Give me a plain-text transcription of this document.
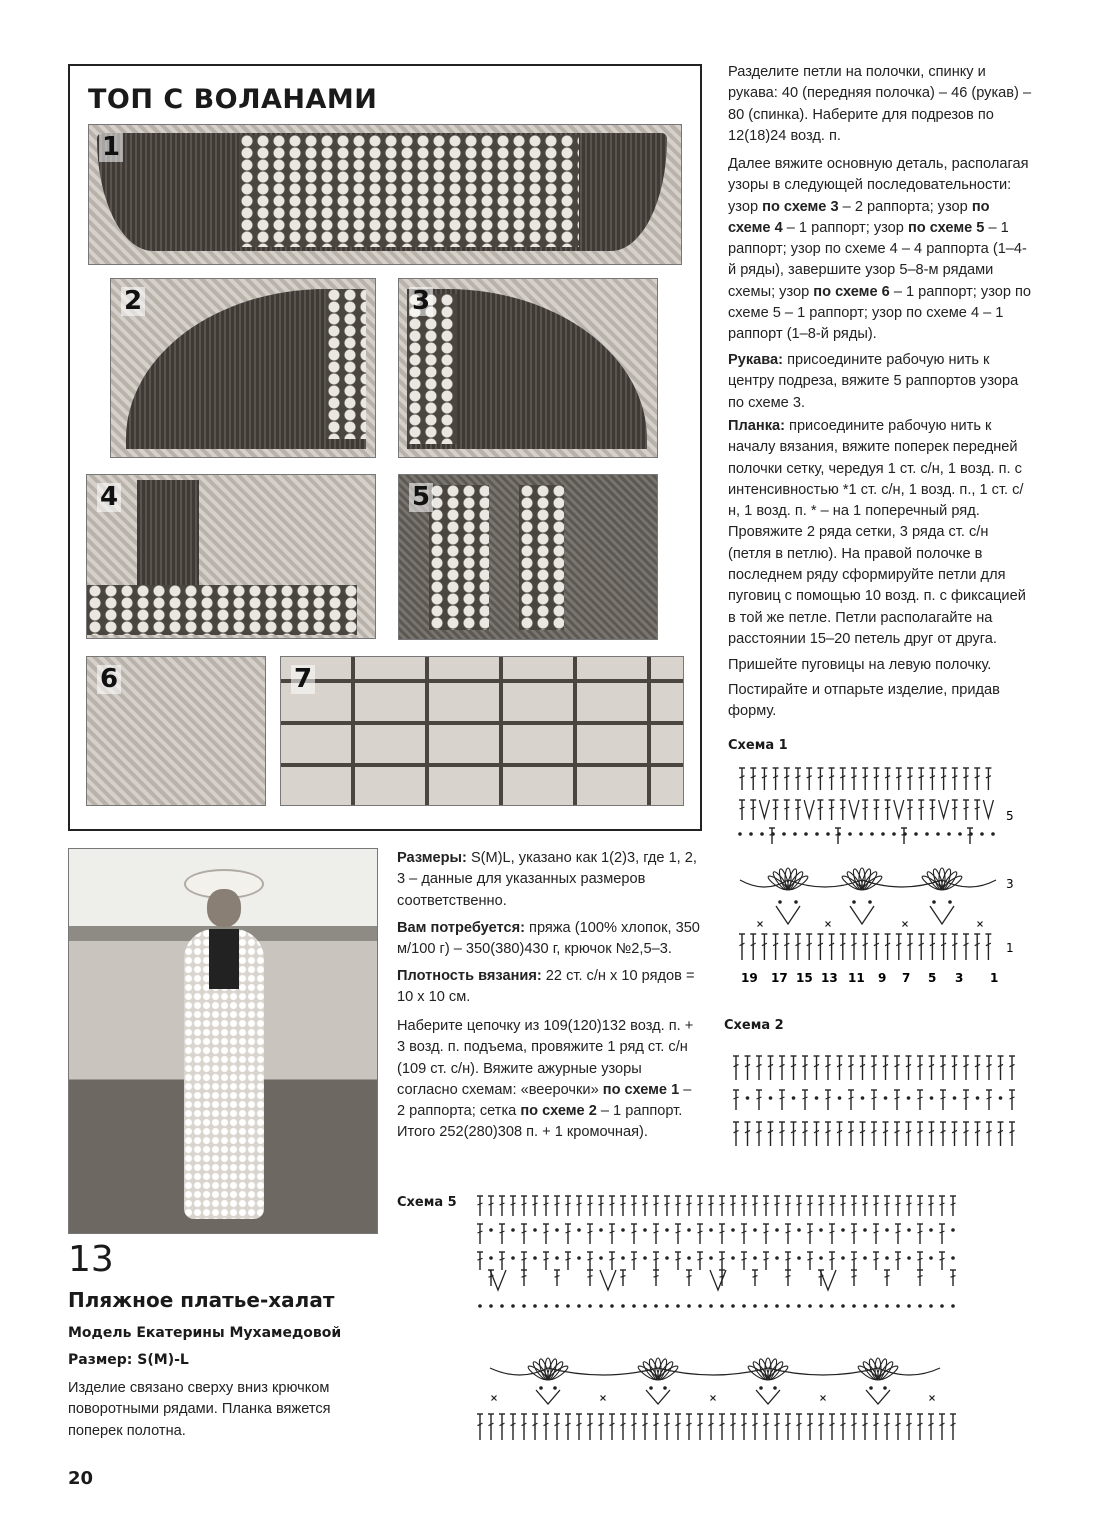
ТОП С ВОЛАНАМИ
1
2	3
4	5
6	7
Разделите петли на полочки, спинку и рукава: 40 (передняя полочка) – 46 (рукав) – 80 (спинка). Наберите для подрезов по 12(18)24 возд. п.
Далее вяжите основную деталь, располагая узоры в следующей последовательности: узор по схеме 3 – 2 раппорта; узор по схеме 4 – 1 раппорт; узор по схеме 5 – 1 раппорт; узор по схеме 4 – 4 раппорта (1–4-й ряды), завершите узор 5–8-м рядами схемы; узор по схеме 6 – 1 раппорт; узор по схеме 5 – 1 раппорт; узор по схеме 4 – 1 раппорт (1–8-й ряды).
Рукава: присоедините рабочую нить к центру подреза, вяжите 5 раппортов узора по схеме 3.
Планка: присоедините рабочую нить к началу вязания, вяжите поперек передней полочки сетку, чередуя 1 ст. с/н, 1 возд. п. с интенсивностью *1 ст. с/н, 1 возд. п., 1 ст. с/н, 1 возд. п. * – на 1 поперечный ряд. Провяжите 2 ряда сетки, 3 ряда ст. с/н (петля в петлю). На правой полочке в последнем ряду сформируйте петли для пуговиц с помощью 10 возд. п. с фиксацией в той же петле. Петли располагайте на расстоянии 15–20 петель друг от друга.
Пришейте пуговицы на левую полочку.
Постирайте и отпарьте изделие, придав форму.
Схема 1
5
3
1
19 17 15 13 11 9 7 5 3 1
Схема 2
13
Пляжное платье-халат
Модель Екатерины Мухамедовой
Размер: S(M)-L
Изделие связано сверху вниз крючком поворотными рядами. Планка вяжется поперек полотна.
Размеры: S(M)L, указано как 1(2)3, где 1, 2, 3 – данные для указанных размеров соответственно.
Вам потребуется: пряжа (100% хлопок, 350 м/100 г) – 350(380)430 г, крючок №2,5–3.
Плотность вязания: 22 ст. с/н х 10 рядов = 10 х 10 см.
Наберите цепочку из 109(120)132 возд. п. + 3 возд. п. подъема, провяжите 1 ряд ст. с/н (109 ст. с/н). Вяжите ажурные узоры согласно схемам: «веерочки» по схеме 1 – 2 раппорта; сетка по схеме 2 – 1 раппорт. Итого 252(280)308 п. + 1 кромочная).
Схема 5
20
